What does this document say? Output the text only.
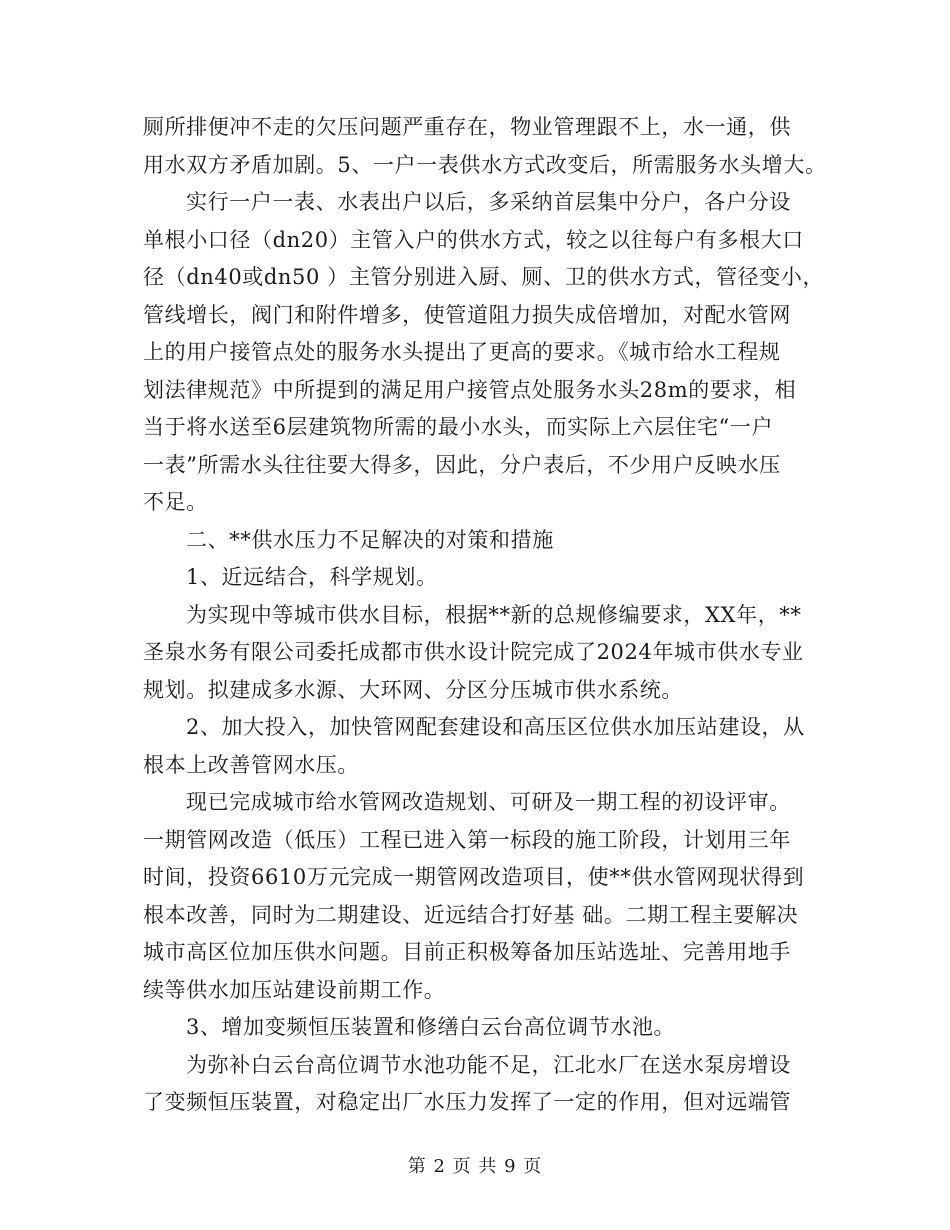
厕所排便冲不走的欠压问题严重存在，物业管理跟不上，水一通，供
用水双方矛盾加剧。5、一户一表供水方式改变后，所需服务水头增大。
实行一户一表、水表出户以后，多采纳首层集中分户，各户分设
单根小口径（dn20）主管入户的供水方式，较之以往每户有多根大口
径（dn40或dn50 ）主管分别进入厨、厕、卫的供水方式，管径变小，
管线增长，阀门和附件增多，使管道阻力损失成倍增加，对配水管网
上的用户接管点处的服务水头提出了更高的要求。《城市给水工程规
划法律规范》中所提到的满足用户接管点处服务水头28m的要求，相
当于将水送至6层建筑物所需的最小水头，而实际上六层住宅“一户
一表”所需水头往往要大得多，因此，分户表后，不少用户反映水压
不足。
二、**供水压力不足解决的对策和措施
1、近远结合，科学规划。
为实现中等城市供水目标，根据**新的总规修编要求，XX年，**
圣泉水务有限公司委托成都市供水设计院完成了2024年城市供水专业
规划。拟建成多水源、大环网、分区分压城市供水系统。
2、加大投入，加快管网配套建设和高压区位供水加压站建设，从
根本上改善管网水压。
现已完成城市给水管网改造规划、可研及一期工程的初设评审。
一期管网改造（低压）工程已进入第一标段的施工阶段，计划用三年
时间，投资6610万元完成一期管网改造项目，使**供水管网现状得到
根本改善，同时为二期建设、近远结合打好基 础。二期工程主要解决
城市高区位加压供水问题。目前正积极筹备加压站选址、完善用地手
续等供水加压站建设前期工作。
3、增加变频恒压装置和修缮白云台高位调节水池。
为弥补白云台高位调节水池功能不足，江北水厂在送水泵房增设
了变频恒压装置，对稳定出厂水压力发挥了一定的作用，但对远端管
第 2 页 共 9 页
